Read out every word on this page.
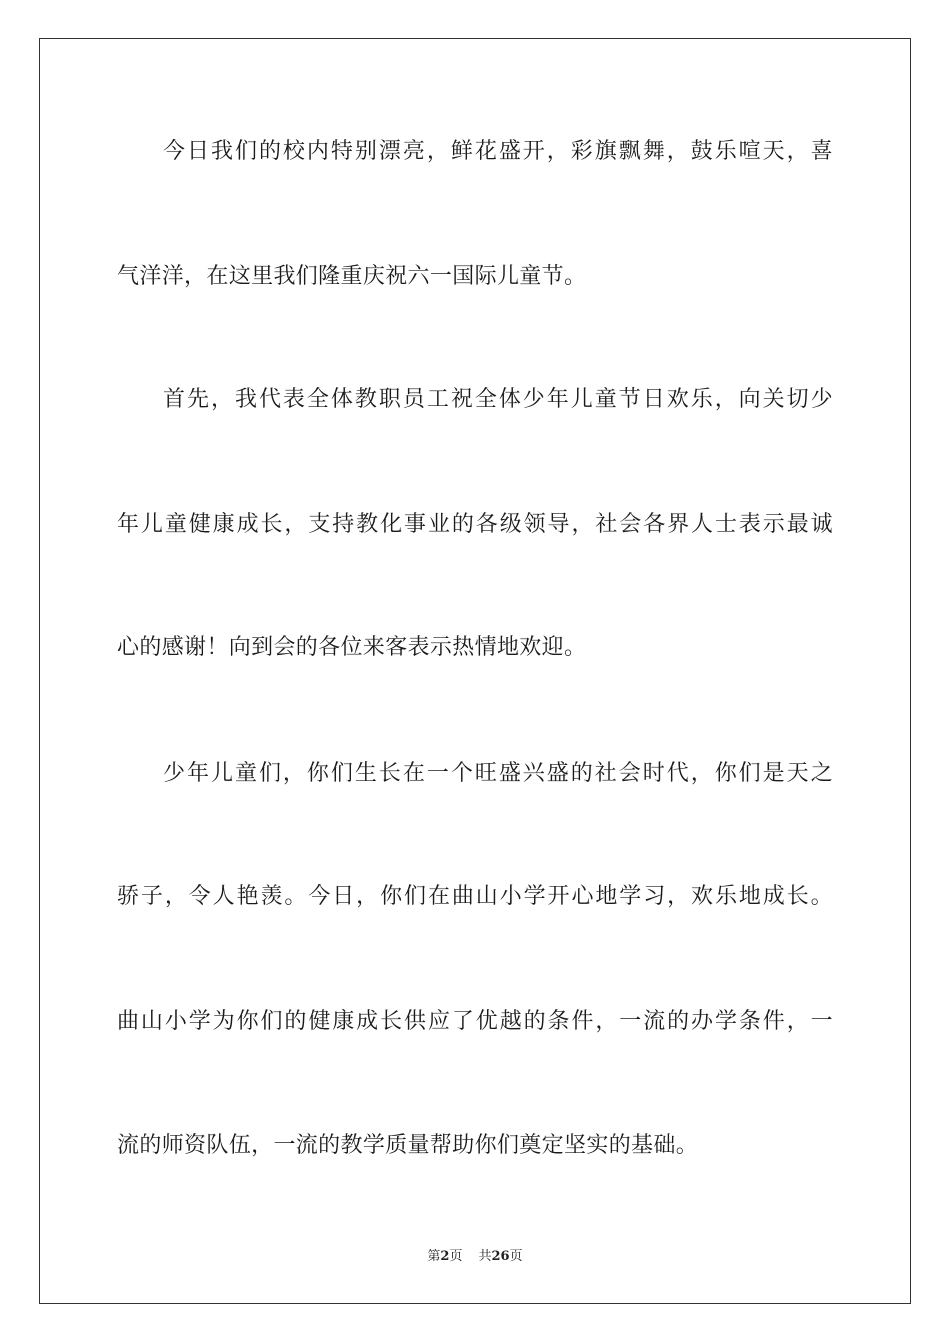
今日我们的校内特别漂亮，鲜花盛开，彩旗飘舞，鼓乐喧天，喜
气洋洋，在这里我们隆重庆祝六一国际儿童节。
首先，我代表全体教职员工祝全体少年儿童节日欢乐，向关切少
年儿童健康成长，支持教化事业的各级领导，社会各界人士表示最诚
心的感谢！向到会的各位来客表示热情地欢迎。
少年儿童们，你们生长在一个旺盛兴盛的社会时代，你们是天之
骄子，令人艳羡。今日，你们在曲山小学开心地学习，欢乐地成长。
曲山小学为你们的健康成长供应了优越的条件，一流的办学条件，一
流的师资队伍，一流的教学质量帮助你们奠定坚实的基础。
第2页 共26页
